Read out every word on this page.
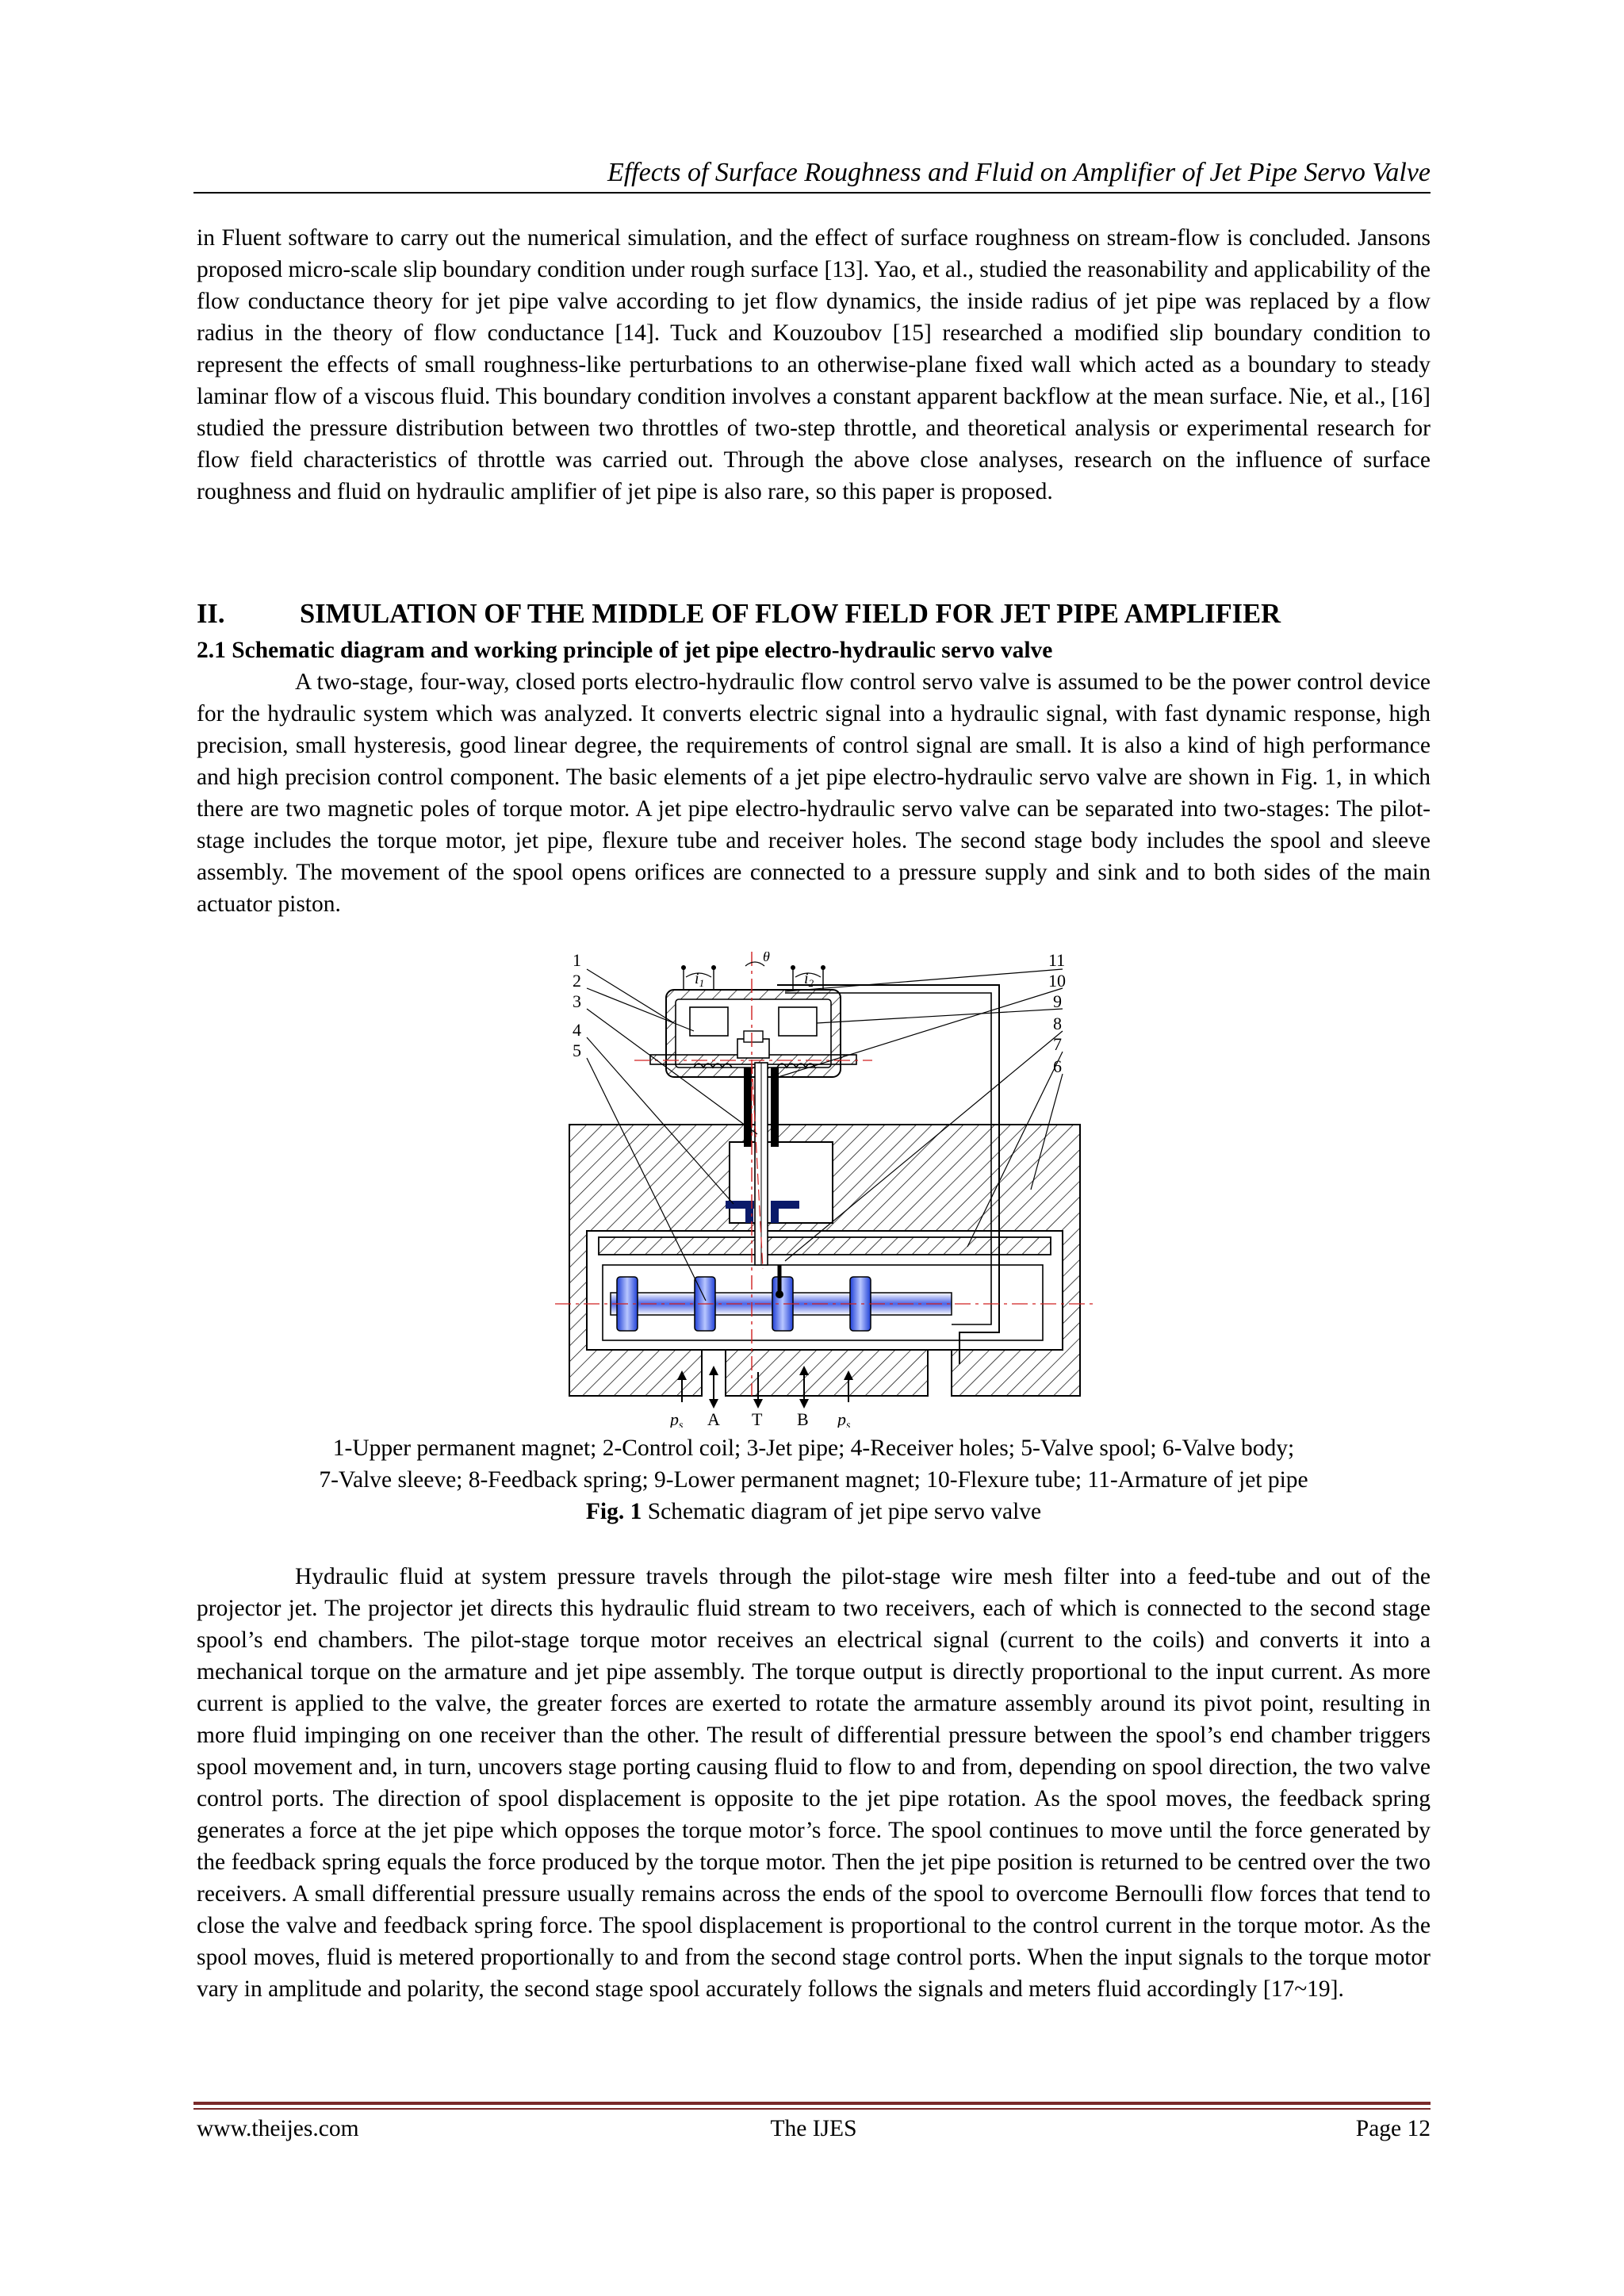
Effects of Surface Roughness and Fluid on Amplifier of Jet Pipe Servo Valve

in Fluent software to carry out the numerical simulation, and the effect of surface roughness on stream-flow is concluded. Jansons proposed micro-scale slip boundary condition under rough surface [13]. Yao, et al., studied the reasonability and applicability of the flow conductance theory for jet pipe valve according to jet flow dynamics, the inside radius of jet pipe was replaced by a flow radius in the theory of flow conductance [14]. Tuck and Kouzoubov [15] researched a modified slip boundary condition to represent the effects of small roughness-like perturbations to an otherwise-plane fixed wall which acted as a boundary to steady laminar flow of a viscous fluid. This boundary condition involves a constant apparent backflow at the mean surface. Nie, et al., [16] studied the pressure distribution between two throttles of two-step throttle, and theoretical analysis or experimental research for flow field characteristics of throttle was carried out. Through the above close analyses, research on the influence of surface roughness and fluid on hydraulic amplifier of jet pipe is also rare, so this paper is proposed.

II.	SIMULATION OF THE MIDDLE OF FLOW FIELD FOR JET PIPE AMPLIFIER
2.1 Schematic diagram and working principle of jet pipe electro-hydraulic servo valve

A two-stage, four-way, closed ports electro-hydraulic flow control servo valve is assumed to be the power control device for the hydraulic system which was analyzed. It converts electric signal into a hydraulic signal, with fast dynamic response, high precision, small hysteresis, good linear degree, the requirements of control signal are small. It is also a kind of high performance and high precision control component. The basic elements of a jet pipe electro-hydraulic servo valve are shown in Fig. 1, in which there are two magnetic poles of torque motor. A jet pipe electro-hydraulic servo valve can be separated into two-stages: The pilot-stage includes the torque motor, jet pipe, flexure tube and receiver holes. The second stage body includes the spool and sleeve assembly. The movement of the spool opens orifices are connected to a pressure supply and sink and to both sides of the main actuator piston.

1
2
3
4
5
11
10
9
8
7
6
θ
$i_1$	$i_2$
ps A T B ps

1-Upper permanent magnet; 2-Control coil; 3-Jet pipe; 4-Receiver holes; 5-Valve spool; 6-Valve body;

7-Valve sleeve; 8-Feedback spring; 9-Lower permanent magnet; 10-Flexure tube; 11-Armature of jet pipe

Fig. 1 Schematic diagram of jet pipe servo valve

Hydraulic fluid at system pressure travels through the pilot-stage wire mesh filter into a feed-tube and out of the projector jet. The projector jet directs this hydraulic fluid stream to two receivers, each of which is connected to the second stage spool’s end chambers. The pilot-stage torque motor receives an electrical signal (current to the coils) and converts it into a mechanical torque on the armature and jet pipe assembly. The torque output is directly proportional to the input current. As more current is applied to the valve, the greater forces are exerted to rotate the armature assembly around its pivot point, resulting in more fluid impinging on one receiver than the other. The result of differential pressure between the spool’s end chamber triggers spool movement and, in turn, uncovers stage porting causing fluid to flow to and from, depending on spool direction, the two valve control ports. The direction of spool displacement is opposite to the jet pipe rotation. As the spool moves, the feedback spring generates a force at the jet pipe which opposes the torque motor’s force. The spool continues to move until the force generated by the feedback spring equals the force produced by the torque motor. Then the jet pipe position is returned to be centred over the two receivers. A small differential pressure usually remains across the ends of the spool to overcome Bernoulli flow forces that tend to close the valve and feedback spring force. The spool displacement is proportional to the control current in the torque motor. As the spool moves, fluid is metered proportionally to and from the second stage control ports. When the input signals to the torque motor vary in amplitude and polarity, the second stage spool accurately follows the signals and meters fluid accordingly [17~19].

www.theijes.com	The IJES	Page 12
